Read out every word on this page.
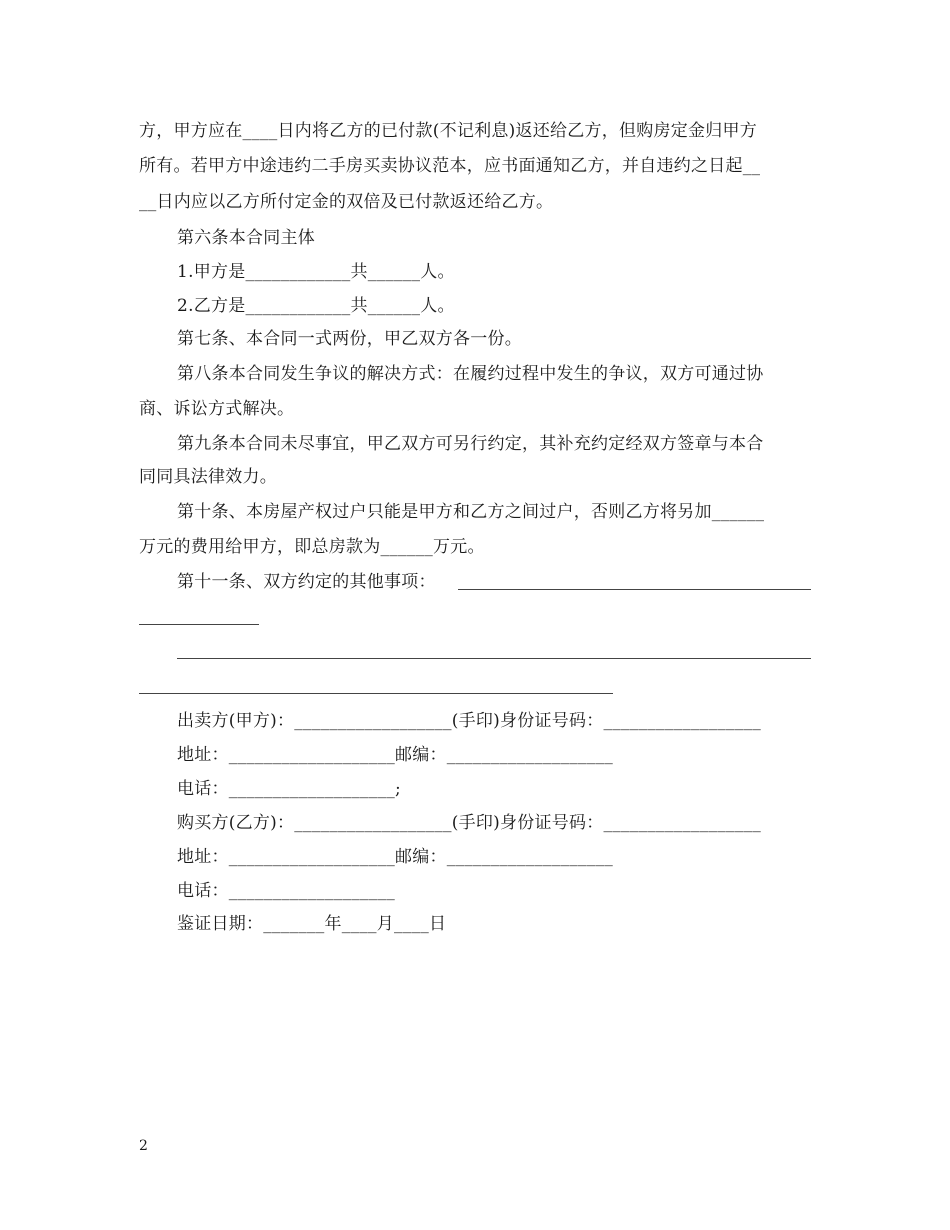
方，甲方应在____日内将乙方的已付款(不记利息)返还给乙方，但购房定金归甲方
所有。若甲方中途违约二手房买卖协议范本，应书面通知乙方，并自违约之日起__
__日内应以乙方所付定金的双倍及已付款返还给乙方。
第六条本合同主体
1.甲方是____________共______人。
2.乙方是____________共______人。
第七条、本合同一式两份，甲乙双方各一份。
第八条本合同发生争议的解决方式：在履约过程中发生的争议，双方可通过协
商、诉讼方式解决。
第九条本合同未尽事宜，甲乙双方可另行约定，其补充约定经双方签章与本合
同同具法律效力。
第十条、本房屋产权过户只能是甲方和乙方之间过户，否则乙方将另加______
万元的费用给甲方，即总房款为______万元。
第十一条、双方约定的其他事项：
出卖方(甲方)：__________________(手印)身份证号码：__________________
地址：___________________邮编：___________________
电话：___________________;
购买方(乙方)：__________________(手印)身份证号码：__________________
地址：___________________邮编：___________________
电话：___________________
鉴证日期：_______年____月____日
2
